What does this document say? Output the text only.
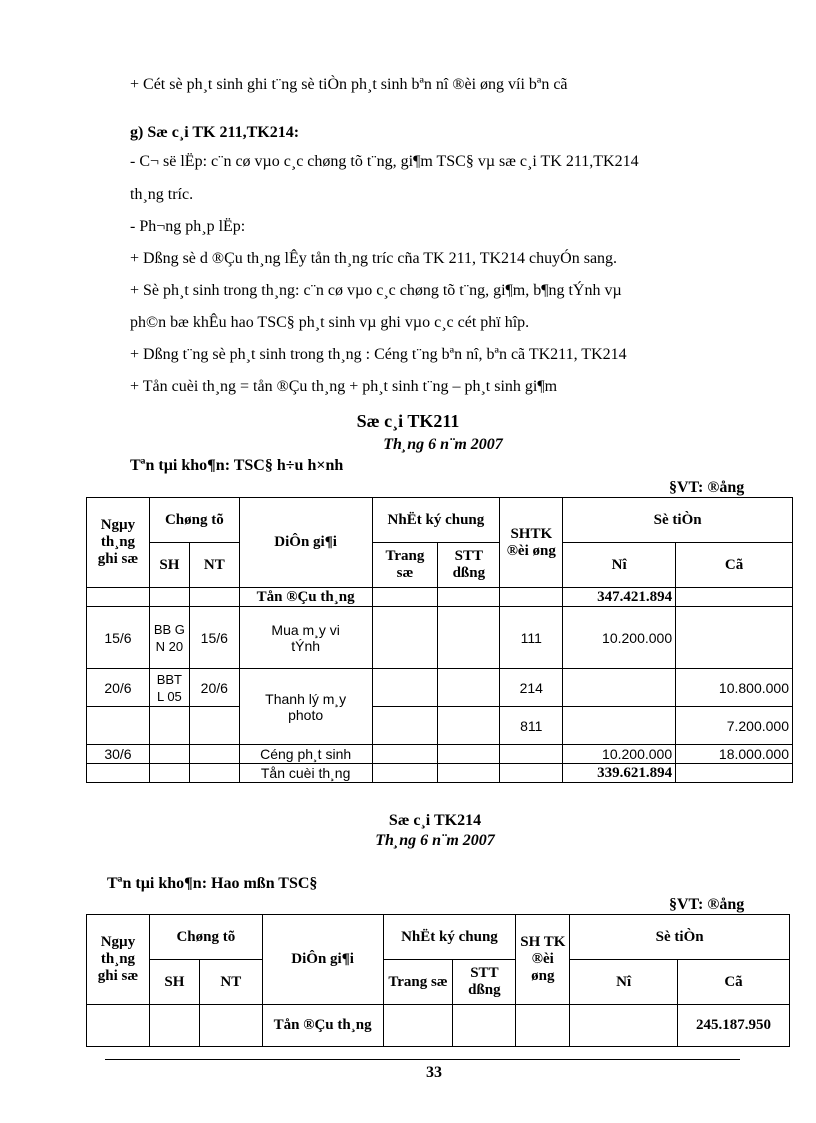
+ Cét sè ph¸t sinh ghi t¨ng sè tiÒn ph¸t sinh bªn nî ®èi øng víi bªn cã
g) Sæ c¸i TK 211,TK214:
- C¬ së lËp: c¨n cø vµo c¸c chøng tõ t¨ng, gi¶m TSC§ vµ sæ c¸i TK 211,TK214
th¸ng tríc.
- Ph¬ng ph¸p lËp:
+ Dßng sè d ®Çu th¸ng lÊy tån th¸ng tríc cña TK 211, TK214 chuyÓn sang.
+ Sè ph¸t sinh trong th¸ng: c¨n cø vµo c¸c chøng tõ t¨ng, gi¶m, b¶ng tÝnh vµ
ph©n bæ khÊu hao TSC§ ph¸t sinh vµ ghi vµo c¸c cét phï hîp.
+ Dßng t¨ng sè ph¸t sinh trong th¸ng : Céng t¨ng bªn nî, bªn cã TK211, TK214
+ Tån cuèi th¸ng = tån ®Çu th¸ng + ph¸t sinh t¨ng – ph¸t sinh gi¶m
Sæ c¸i TK211
Th¸ng 6 n¨m 2007
Tªn tµi kho¶n: TSC§ h÷u h×nh
§VT: ®ång
Ngµy th¸ng ghi sæ	Chøng tõ		DiÔn gi¶i	NhËt ký chung		SHTK ®èi øng	Sè tiÒn	
	SH	NT		Trang sæ	STT dßng		Nî	Cã
			Tån ®Çu th¸ng				347.421.894	
15/6	BB GN 20	15/6	Mua m¸y vi tÝnh			111	10.200.000	
20/6	BBT L 05	20/6	Thanh lý m¸y photo			214		10.800.000
						811		7.200.000
30/6			Céng ph¸t sinh				10.200.000	18.000.000
			Tån cuèi th¸ng				339.621.894	
Sæ c¸i TK214
Th¸ng 6 n¨m 2007
Tªn tµi kho¶n: Hao mßn TSC§
§VT: ®ång
Ngµy th¸ng ghi sæ	Chøng tõ		DiÔn gi¶i	NhËt ký chung		SH TK ®èi øng	Sè tiÒn	
	SH	NT		Trang sæ	STT dßng		Nî	Cã
			Tån ®Çu th¸ng					245.187.950
33
